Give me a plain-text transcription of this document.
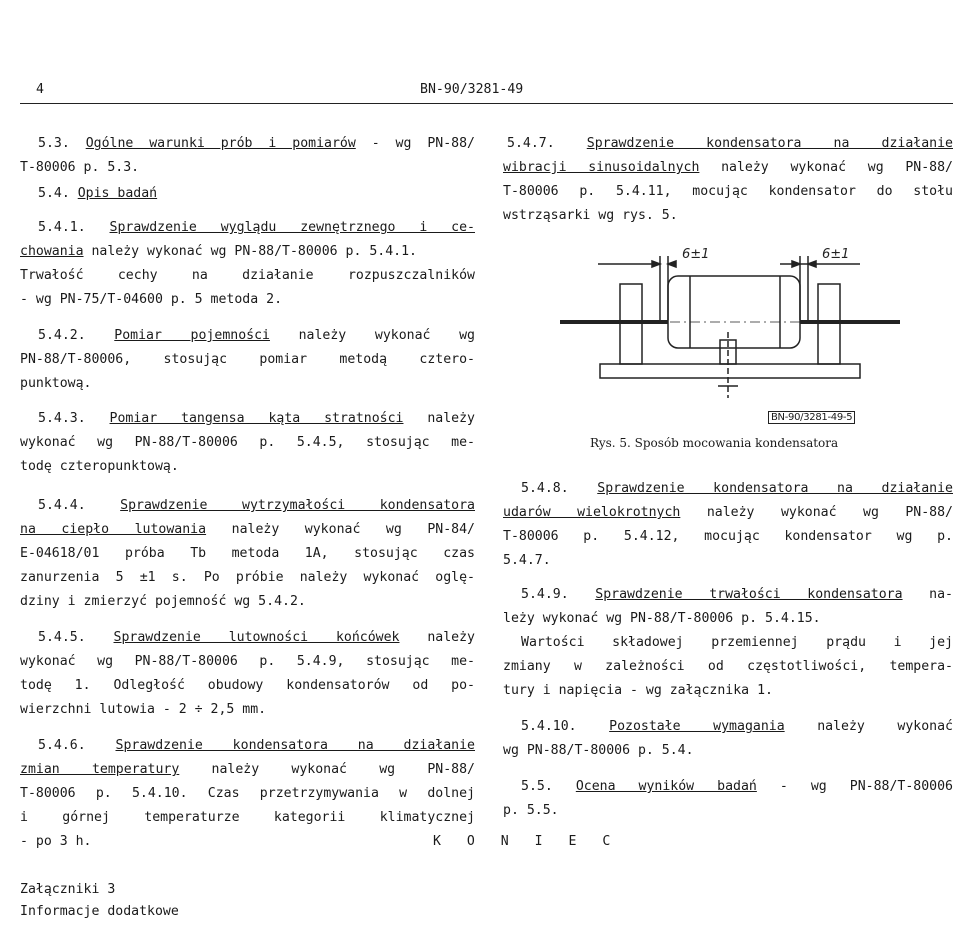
4	BN-90/3281-49

5.3. Ogólne warunki prób i pomiarów - wg PN-88/

T-80006 p. 5.3.

5.4. Opis badań

5.4.1. Sprawdzenie wyglądu zewnętrznego i ce-

chowania należy wykonać wg PN-88/T-80006 p. 5.4.1.

Trwałość cechy na działanie rozpuszczalników

- wg PN-75/T-04600 p. 5 metoda 2.

5.4.2. Pomiar pojemności należy wykonać wg

PN-88/T-80006, stosując pomiar metodą cztero-

punktową.

5.4.3. Pomiar tangensa kąta stratności należy

wykonać wg PN-88/T-80006 p. 5.4.5, stosując me-

todę czteropunktową.

5.4.4.	Sprawdzenie wytrzymałości kondensatora

na ciepło lutowania należy wykonać wg PN-84/

E-04618/01 próba Tb metoda 1A, stosując czas

zanurzenia 5 ±1 s. Po próbie należy wykonać oglę-

dziny i zmierzyć pojemność wg 5.4.2.

5.4.5. Sprawdzenie lutowności końcówek należy

wykonać wg PN-88/T-80006 p. 5.4.9, stosując me-

todę 1. Odległość obudowy kondensatorów od po-

wierzchni lutowia - 2 ÷ 2,5 mm.

5.4.6. Sprawdzenie kondensatora na działanie

zmian temperatury należy wykonać wg PN-88/

T-80006 p. 5.4.10. Czas przetrzymywania w dolnej

i górnej temperaturze kategorii klimatycznej

- po 3 h.

5.4.7. Sprawdzenie kondensatora na działanie

wibracji sinusoidalnych należy wykonać wg PN-88/

T-80006 p. 5.4.11, mocując kondensator do stołu

wstrząsarki wg rys. 5.

6±1	6±1
BN-90/3281-49-5
Rys. 5. Sposób mocowania kondensatora

5.4.8. Sprawdzenie kondensatora na działanie

udarów wielokrotnych należy wykonać wg PN-88/

T-80006 p. 5.4.12, mocując kondensator wg p.

5.4.7.

5.4.9. Sprawdzenie trwałości kondensatora na-

leży wykonać wg PN-88/T-80006 p. 5.4.15.

Wartości składowej przemiennej prądu i jej

zmiany w zależności od częstotliwości, tempera-

tury i napięcia - wg załącznika 1.

5.4.10. Pozostałe wymagania należy wykonać

wg PN-88/T-80006 p. 5.4.

5.5. Ocena wyników badań - wg PN-88/T-80006

p. 5.5.

K O N I E C
Załączniki 3
Informacje dodatkowe
